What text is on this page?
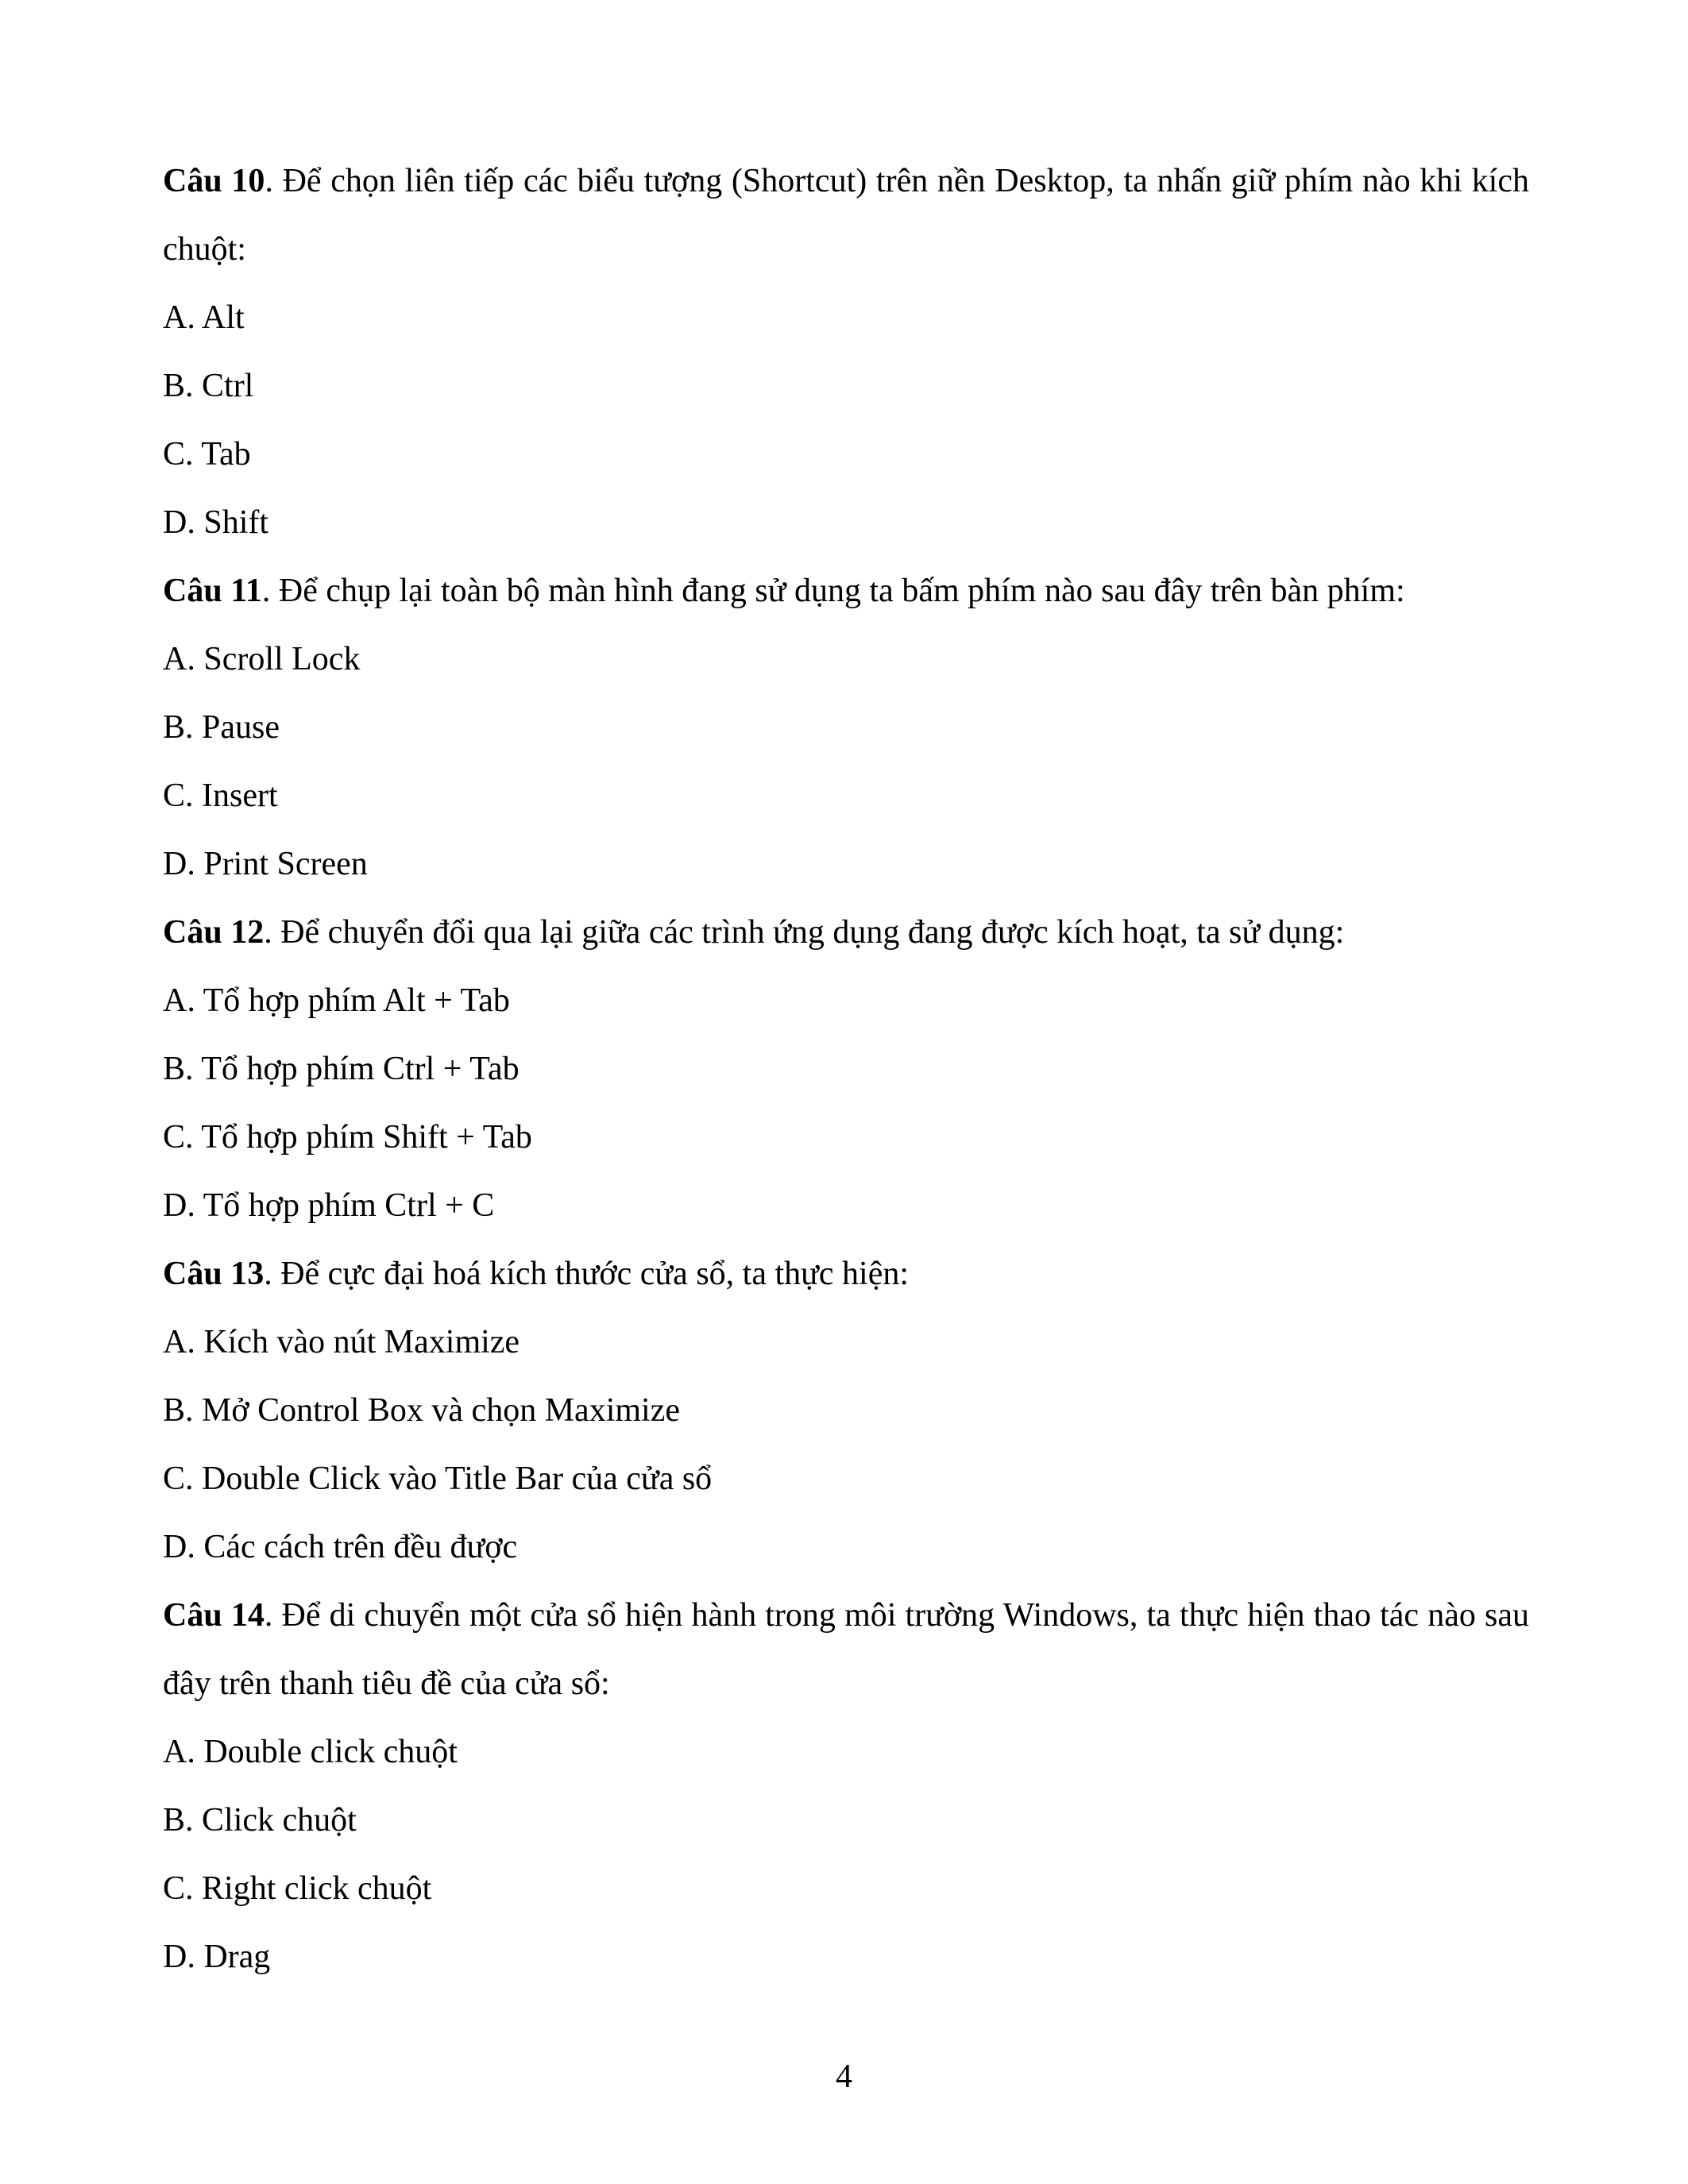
Câu 10. Để chọn liên tiếp các biểu tượng (Shortcut) trên nền Desktop, ta nhấn giữ phím nào khi kích chuột:

A. Alt

B. Ctrl

C. Tab

D. Shift

Câu 11. Để chụp lại toàn bộ màn hình đang sử dụng ta bấm phím nào sau đây trên bàn phím:

A. Scroll Lock

B. Pause

C. Insert

D. Print Screen

Câu 12. Để chuyển đổi qua lại giữa các trình ứng dụng đang được kích hoạt, ta sử dụng:

A. Tổ hợp phím Alt + Tab

B. Tổ hợp phím Ctrl + Tab

C. Tổ hợp phím Shift + Tab

D. Tổ hợp phím Ctrl + C

Câu 13. Để cực đại hoá kích thước cửa sổ, ta thực hiện:

A. Kích vào nút Maximize

B. Mở Control Box và chọn Maximize

C. Double Click vào Title Bar của cửa sổ

D. Các cách trên đều được

Câu 14. Để di chuyển một cửa sổ hiện hành trong môi trường Windows, ta thực hiện thao tác nào sau đây trên thanh tiêu đề của cửa sổ:

A. Double click chuột

B. Click chuột

C. Right click chuột

D. Drag

4
